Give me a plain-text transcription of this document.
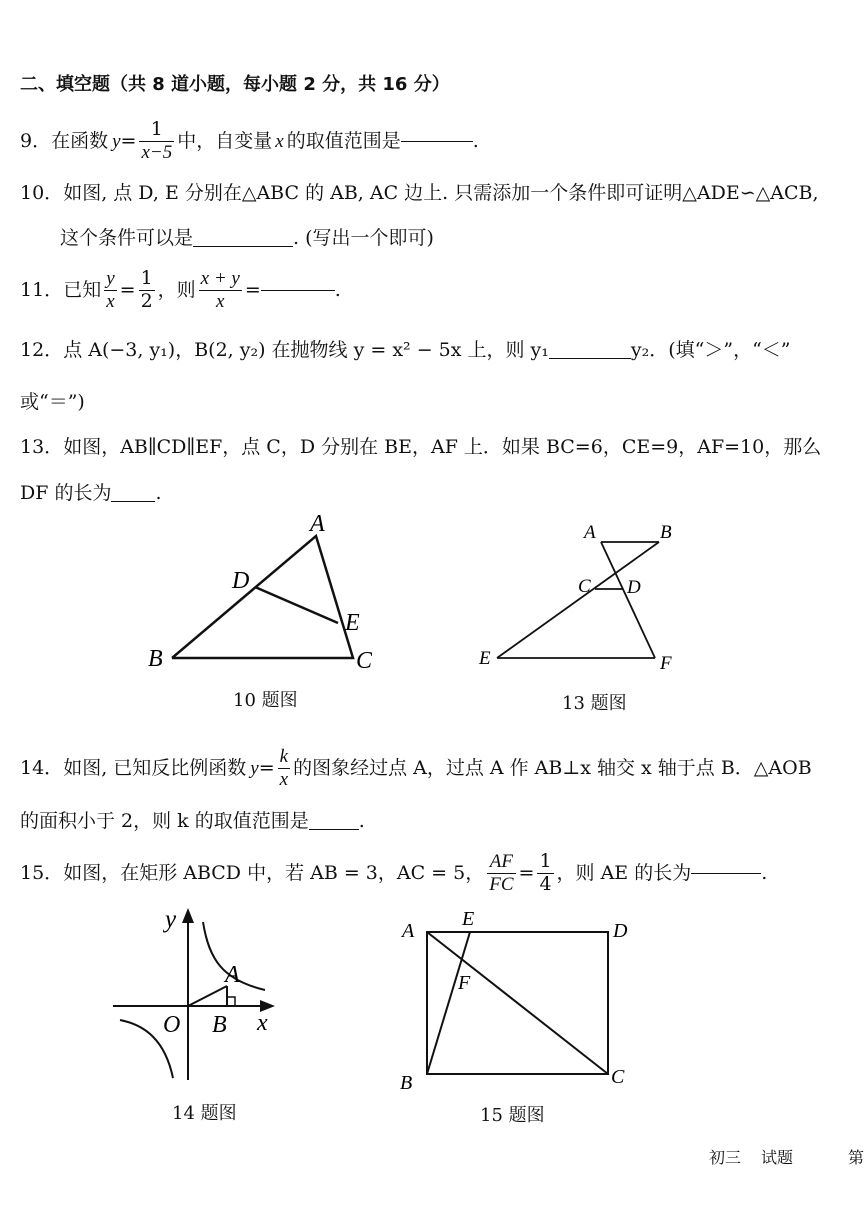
二、填空题（共 8 道小题，每小题 2 分，共 16 分）
9． 在函数 $y = \frac{1}{x-5}$ 中，自变量 x 的取值范围是	.
10．如图, 点 D, E 分别在△ABC 的 AB, AC 边上. 只需添加一个条件即可证明△ADE∽△ACB,
这个条件可以是	. (写出一个即可)
11． 已知 $\frac{y}{x} = \frac{1}{2}$ ，则 $\frac{x + y}{x}$ =	.
12．点 A(−3, y₁)，B(2, y₂) 在抛物线 y = x² − 5x 上，则 y₁	y₂．(填“＞”，“＜”
或“＝”)
13．如图，AB∥CD∥EF，点 C，D 分别在 BE，AF 上．如果 BC=6，CE=9，AF=10，那么
DF 的长为 .
A
D
E
B	C
10 题图
A	B
C D
E	F
13 题图
14． 如图, 已知反比例函数 $y = \frac{k}{x}$ 的图象经过点 A，过点 A 作 AB⊥x 轴交 x 轴于点 B．△AOB
的面积小于 2，则 k 的取值范围是	.
15． 如图，在矩形 ABCD 中，若 AB = 3，AC = 5， $\frac{AF}{FC} = \frac{1}{4}$ ，则 AE 的长为	.
y
x
O
A
B
14 题图
A
E
D
F
B	C
15 题图
初三 试题	第
